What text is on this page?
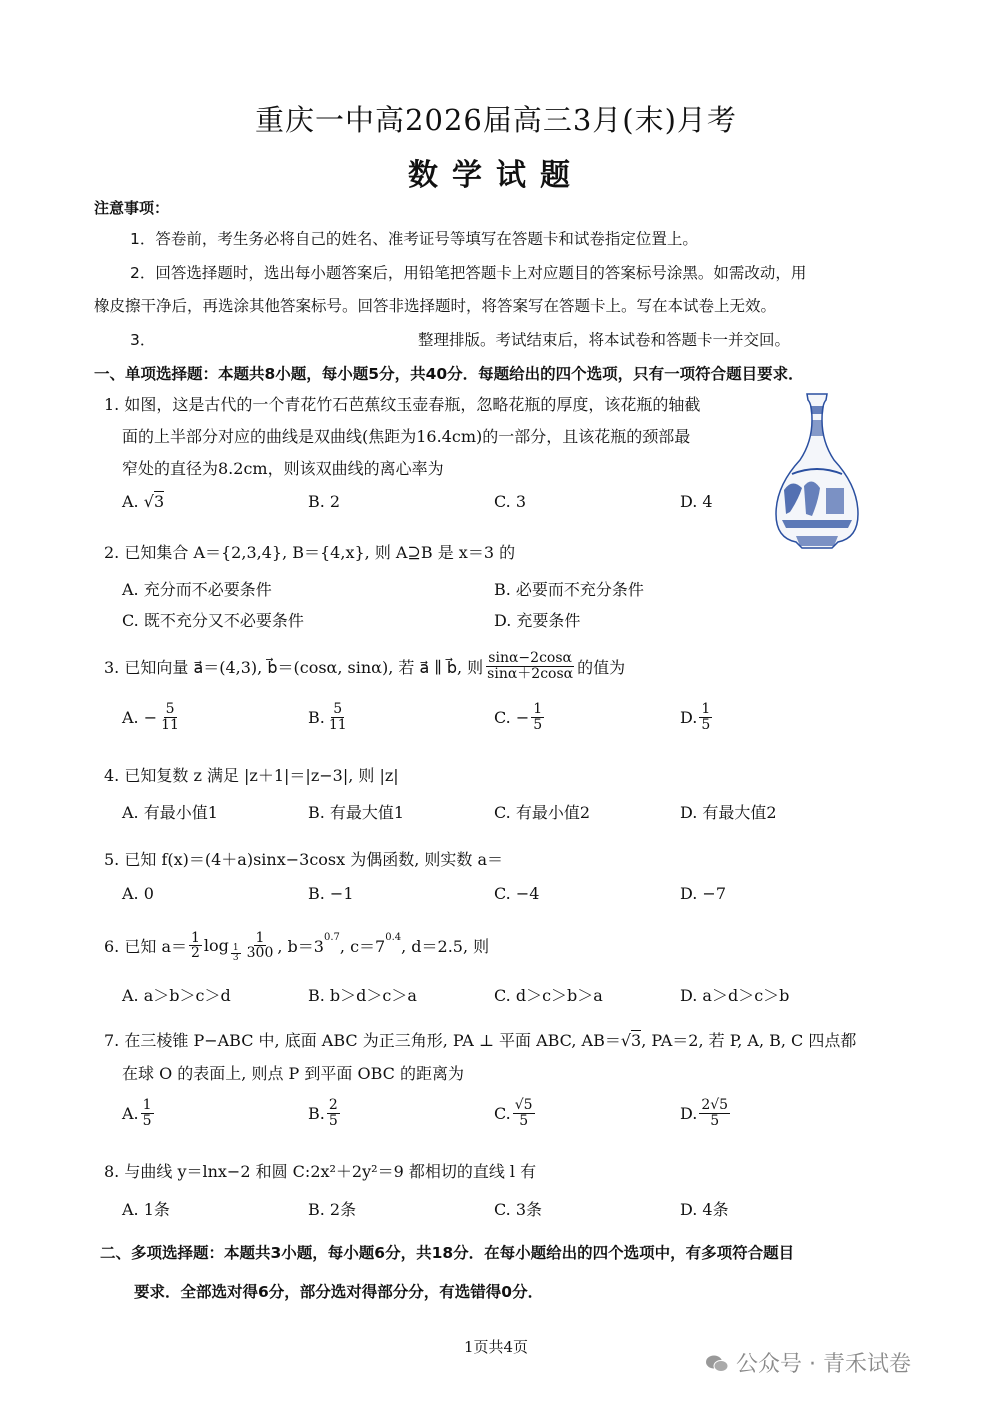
重庆一中高2026届高三3月(末)月考
数学试题
注意事项：
1．答卷前，考生务必将自己的姓名、准考证号等填写在答题卡和试卷指定位置上。
2．回答选择题时，选出每小题答案后，用铅笔把答题卡上对应题目的答案标号涂黑。如需改动，用
橡皮擦干净后，再选涂其他答案标号。回答非选择题时，将答案写在答题卡上。写在本试卷上无效。
3．	整理排版。考试结束后，将本试卷和答题卡一并交回。
一、单项选择题：本题共8小题，每小题5分，共40分．每题给出的四个选项，只有一项符合题目要求．
1. 如图，这是古代的一个青花竹石芭蕉纹玉壶春瓶，忽略花瓶的厚度，该花瓶的轴截
面的上半部分对应的曲线是双曲线(焦距为16.4cm)的一部分，且该花瓶的颈部最
窄处的直径为8.2cm，则该双曲线的离心率为
A. √3	B. 2	C. 3	D. 4
2. 已知集合 A＝{2,3,4}, B＝{4,x}, 则 A⊇B 是 x＝3 的
A. 充分而不必要条件	B. 必要而不充分条件
C. 既不充分又不必要条件	D. 充要条件
3. 已知向量 a⃗＝(4,3), b⃗＝(cosα, sinα), 若 a⃗ ∥ b⃗, 则 $\frac{\sin\alpha-2\cos\alpha}{\sin\alpha+2\cos\alpha}$ 的值为
A. − $\frac{5}{11}$	B. $\frac{5}{11}$	C. − $\frac{1}{5}$	D. $\frac{1}{5}$
4. 已知复数 z 满足 |z＋1|＝|z−3|, 则 |z|
A. 有最小值1	B. 有最大值1	C. 有最小值2	D. 有最大值2
5. 已知 f(x)＝(4＋a)sinx−3cosx 为偶函数, 则实数 a＝
A. 0	B. −1	C. −4	D. −7
6. 已知 $a= \frac{1}{2}$ $\log \frac{1}{3} \frac{1}{300}$ , $b=3^{0.7}$ , $c=7^{0.4}$ , d＝2.5, 则
A. a＞b＞c＞d	B. b＞d＞c＞a	C. d＞c＞b＞a	D. a＞d＞c＞b
7. 在三棱锥 P−ABC 中, 底面 ABC 为正三角形, PA ⊥ 平面 ABC, AB＝√3, PA＝2, 若 P, A, B, C 四点都
在球 O 的表面上, 则点 P 到平面 OBC 的距离为
A. $\frac{1}{5}$	B. $\frac{2}{5}$	C. $\frac{√5}{5}$	D. $\frac{2√5}{5}$
8. 与曲线 y＝lnx−2 和圆 C:2x²＋2y²＝9 都相切的直线 l 有
A. 1条	B. 2条	C. 3条	D. 4条
二、多项选择题：本题共3小题，每小题6分，共18分．在每小题给出的四个选项中，有多项符合题目
要求．全部选对得6分，部分选对得部分分，有选错得0分．
1页共4页
公众号 · 青禾试卷
